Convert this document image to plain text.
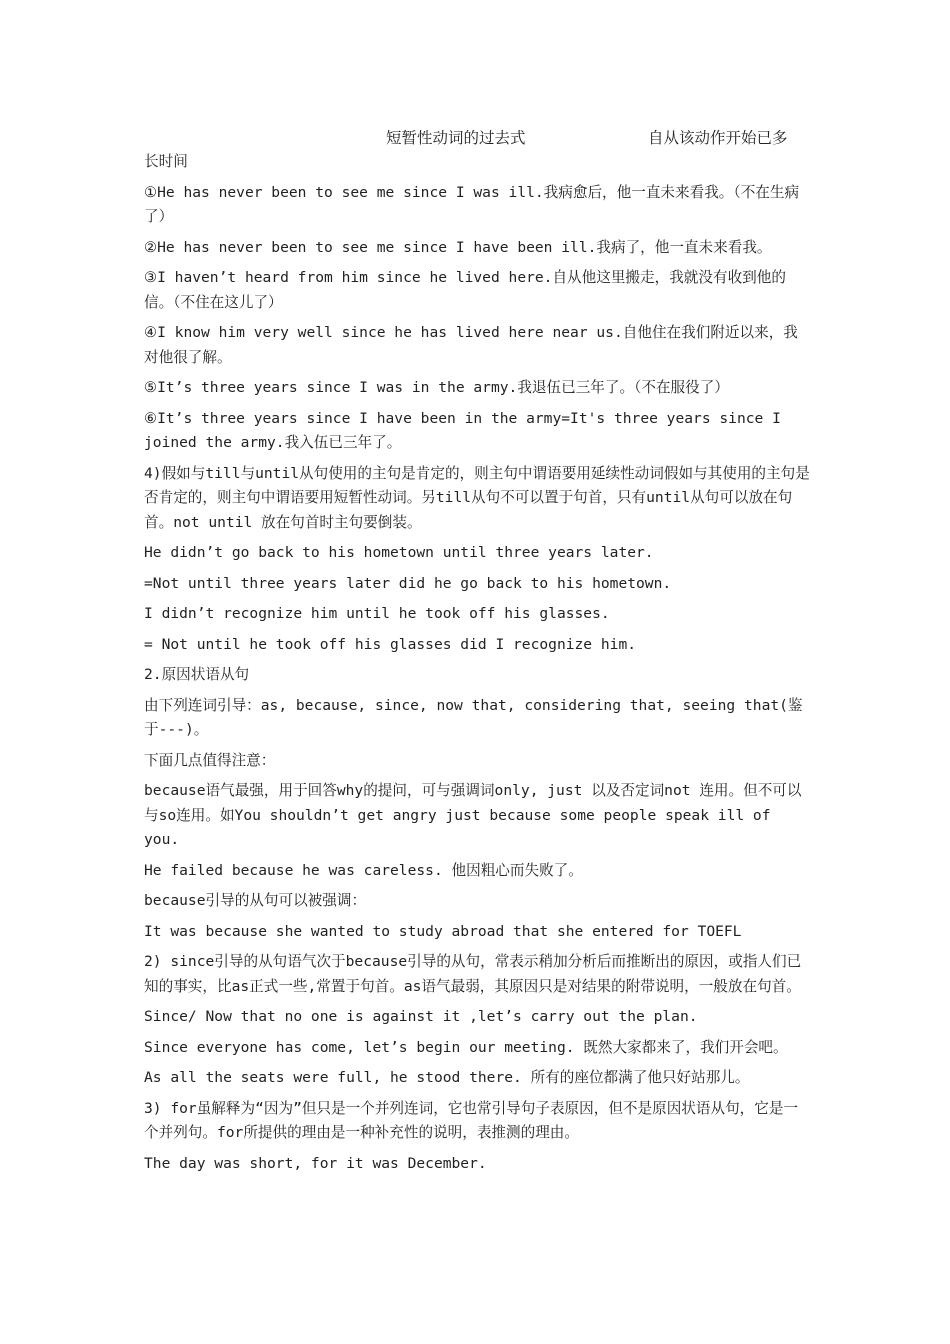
短暂性动词的过去式	自从该动作开始已多

长时间

①He has never been to see me since I was ill.我病愈后，他一直未来看我。（不在生病了）

②He has never been to see me since I have been ill.我病了，他一直未来看我。

③I haven’t heard from him since he lived here.自从他这里搬走，我就没有收到他的信。（不住在这儿了）

④I know him very well since he has lived here near us.自他住在我们附近以来，我对他很了解。

⑤It’s three years since I was in the army.我退伍已三年了。（不在服役了）

⑥It’s three years since I have been in the army=It's three years since I joined the army.我入伍已三年了。

4)假如与till与until从句使用的主句是肯定的，则主句中谓语要用延续性动词假如与其使用的主句是否肯定的，则主句中谓语要用短暂性动词。另till从句不可以置于句首，只有until从句可以放在句首。not until 放在句首时主句要倒装。

He didn’t go back to his hometown until three years later.

=Not until three years later did he go back to his hometown.

I didn’t recognize him until he took off his glasses.

= Not until he took off his glasses did I recognize him.

2.原因状语从句

由下列连词引导：as, because, since, now that, considering that, seeing that(鉴于---)。

下面几点值得注意：

because语气最强，用于回答why的提问，可与强调词only, just 以及否定词not 连用。但不可以与so连用。如You shouldn’t get angry just because some people speak ill of you.

He failed because he was careless. 他因粗心而失败了。

because引导的从句可以被强调：

It was because she wanted to study abroad that she entered for TOEFL

2) since引导的从句语气次于because引导的从句，常表示稍加分析后而推断出的原因，或指人们已知的事实，比as正式一些,常置于句首。as语气最弱，其原因只是对结果的附带说明，一般放在句首。

Since/ Now that no one is against it ,let’s carry out the plan.

Since everyone has come, let’s begin our meeting. 既然大家都来了，我们开会吧。

As all the seats were full, he stood there. 所有的座位都满了他只好站那儿。

3) for虽解释为“因为”但只是一个并列连词，它也常引导句子表原因，但不是原因状语从句，它是一个并列句。for所提供的理由是一种补充性的说明，表推测的理由。

The day was short, for it was December.
